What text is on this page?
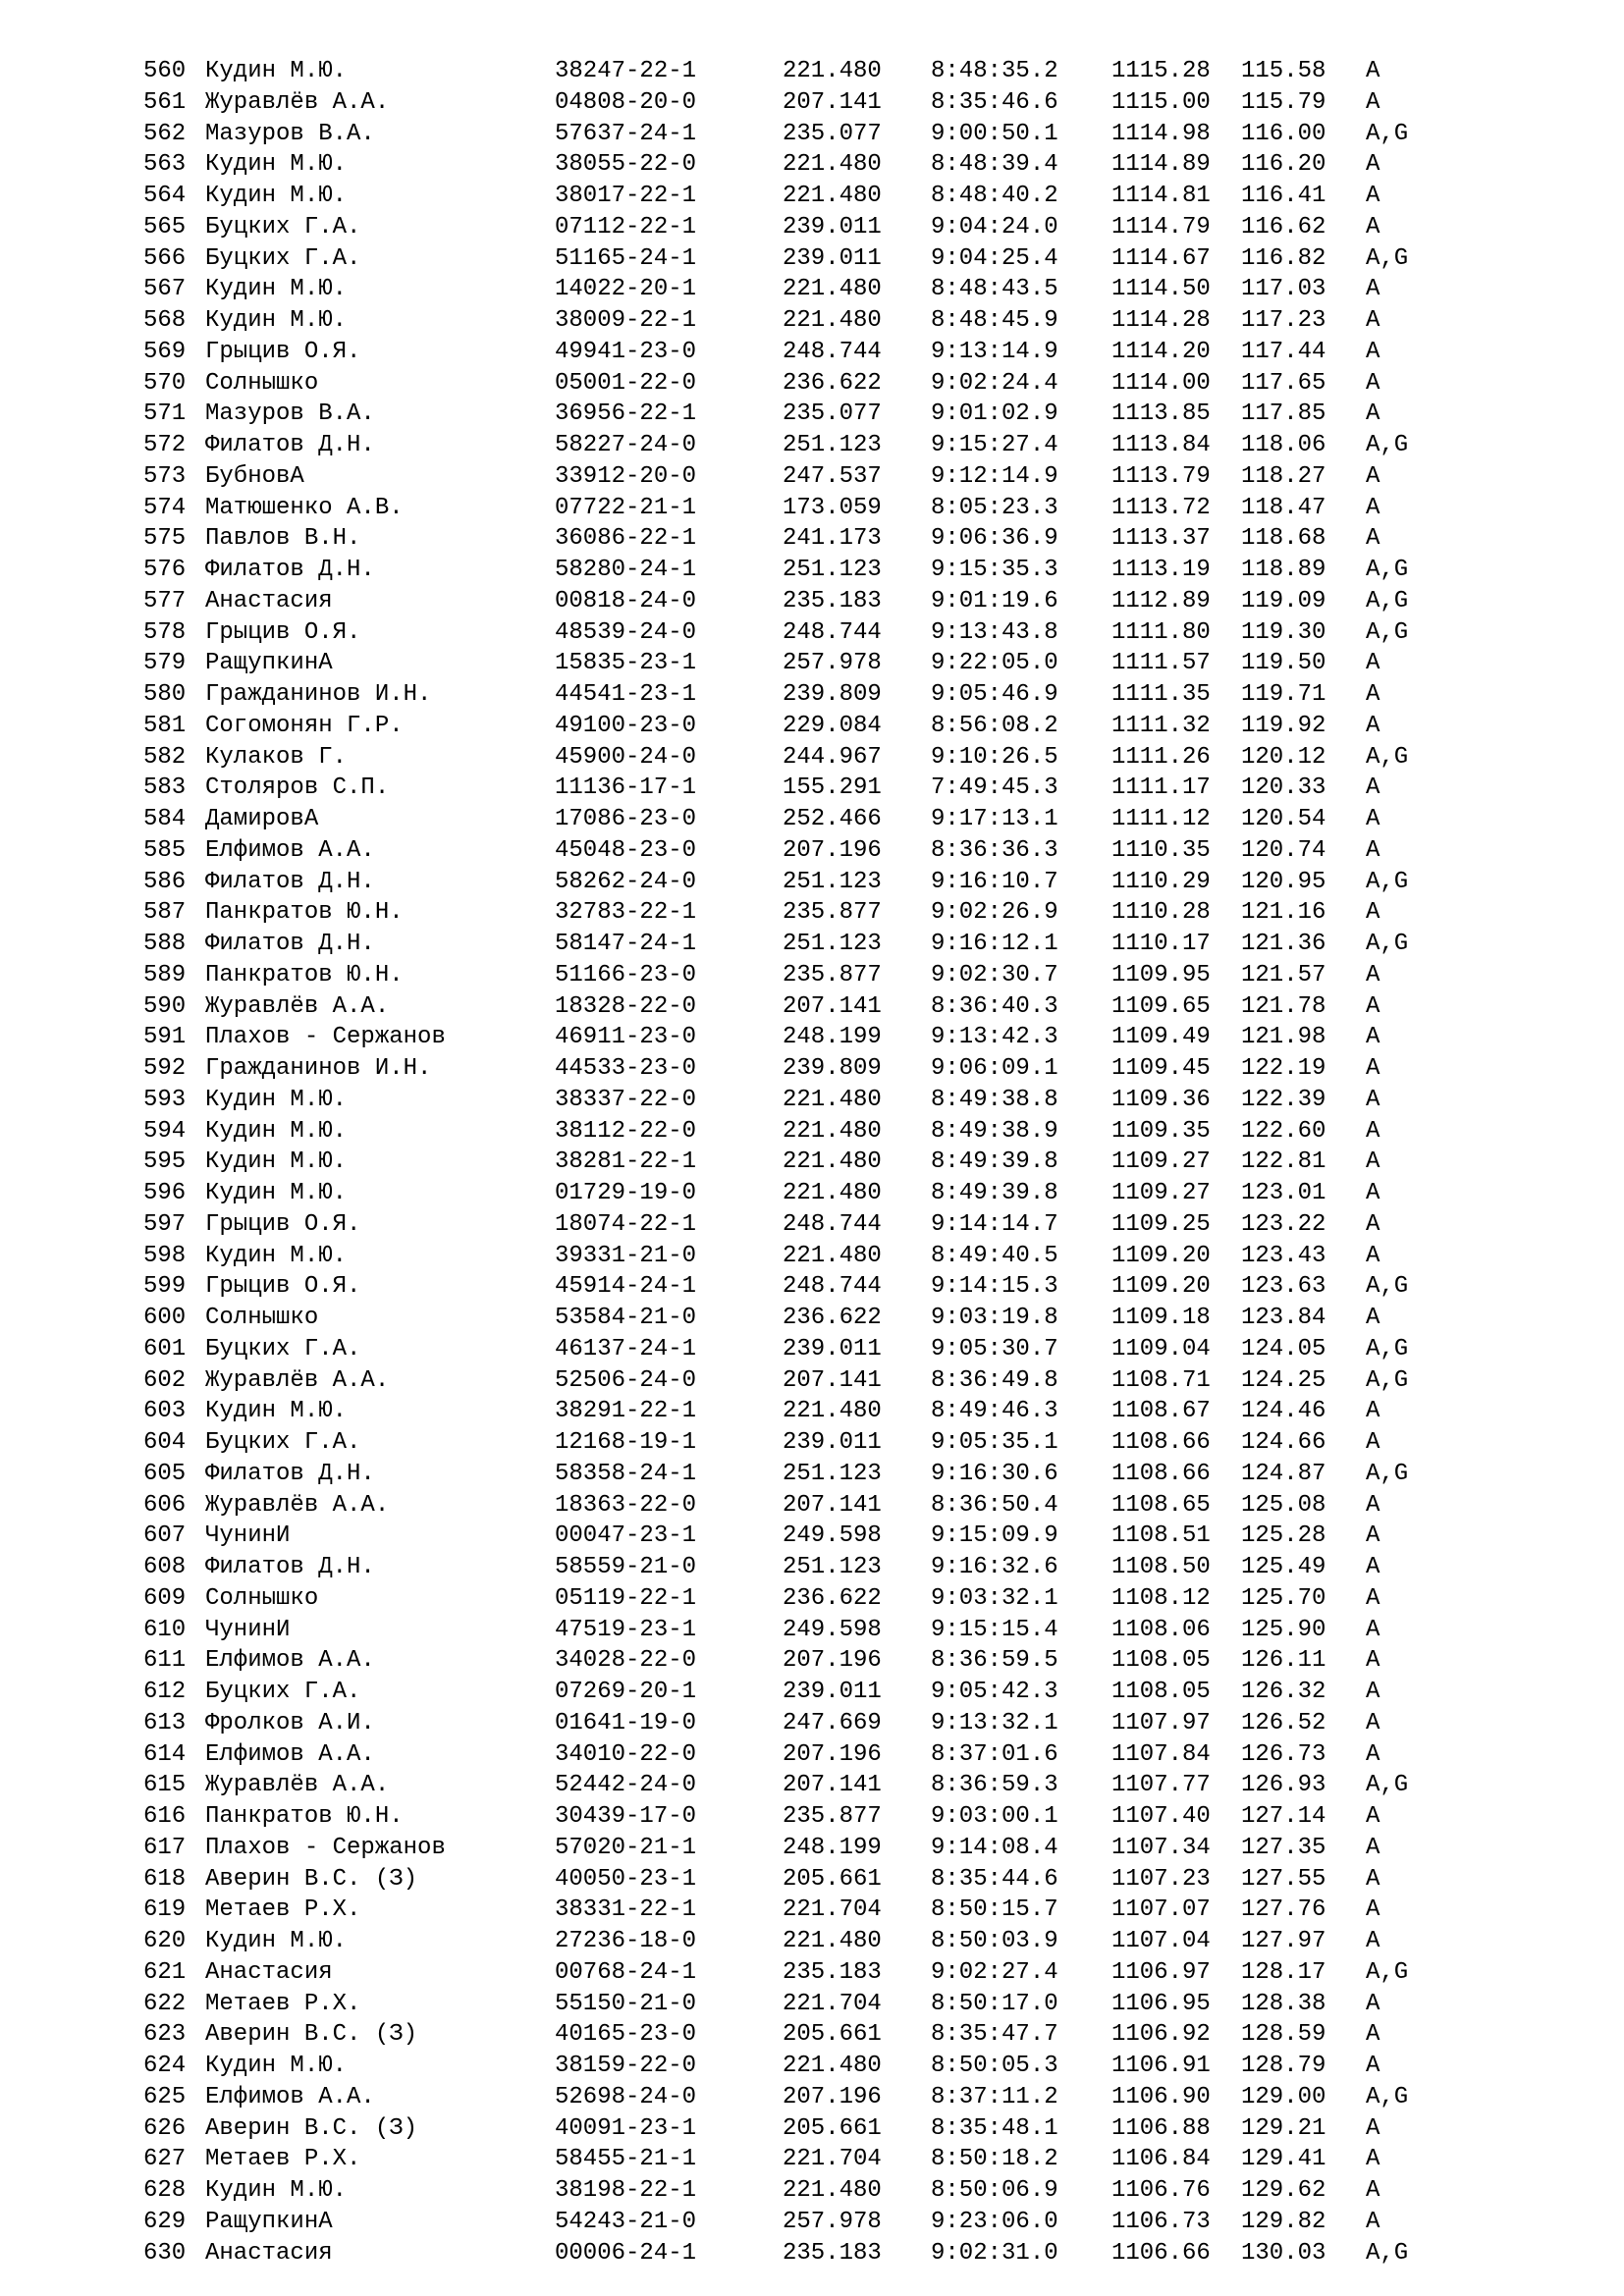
560 Кудин М.Ю.	38247-22-1	221.480 8:48:35.2 1115.28 115.58 A
561 Журавлёв А.А.	04808-20-0	207.141 8:35:46.6 1115.00 115.79 A
562 Мазуров В.А.	57637-24-1	235.077 9:00:50.1 1114.98 116.00 A,G
563 Кудин М.Ю.	38055-22-0	221.480 8:48:39.4 1114.89 116.20 A
564 Кудин М.Ю.	38017-22-1	221.480 8:48:40.2 1114.81 116.41 A
565 Буцких Г.А.	07112-22-1	239.011 9:04:24.0 1114.79 116.62 A
566 Буцких Г.А.	51165-24-1	239.011 9:04:25.4 1114.67 116.82 A,G
567 Кудин М.Ю.	14022-20-1	221.480 8:48:43.5 1114.50 117.03 A
568 Кудин М.Ю.	38009-22-1	221.480 8:48:45.9 1114.28 117.23 A
569 Грыцив О.Я.	49941-23-0	248.744 9:13:14.9 1114.20 117.44 A
570 Солнышко	05001-22-0	236.622 9:02:24.4 1114.00 117.65 A
571 Мазуров В.А.	36956-22-1	235.077 9:01:02.9 1113.85 117.85 A
572 Филатов Д.Н.	58227-24-0	251.123 9:15:27.4 1113.84 118.06 A,G
573 БубновА	33912-20-0	247.537 9:12:14.9 1113.79 118.27 A
574 Матюшенко А.В.	07722-21-1	173.059 8:05:23.3 1113.72 118.47 A
575 Павлов В.Н.	36086-22-1	241.173 9:06:36.9 1113.37 118.68 A
576 Филатов Д.Н.	58280-24-1	251.123 9:15:35.3 1113.19 118.89 A,G
577 Анастасия	00818-24-0	235.183 9:01:19.6 1112.89 119.09 A,G
578 Грыцив О.Я.	48539-24-0	248.744 9:13:43.8 1111.80 119.30 A,G
579 РащупкинА	15835-23-1	257.978 9:22:05.0 1111.57 119.50 A
580 Гражданинов И.Н.	44541-23-1	239.809 9:05:46.9 1111.35 119.71 A
581 Согомонян Г.Р.	49100-23-0	229.084 8:56:08.2 1111.32 119.92 A
582 Кулаков Г.	45900-24-0	244.967 9:10:26.5 1111.26 120.12 A,G
583 Столяров С.П.	11136-17-1	155.291 7:49:45.3 1111.17 120.33 A
584 ДамировА	17086-23-0	252.466 9:17:13.1 1111.12 120.54 A
585 Елфимов А.А.	45048-23-0	207.196 8:36:36.3 1110.35 120.74 A
586 Филатов Д.Н.	58262-24-0	251.123 9:16:10.7 1110.29 120.95 A,G
587 Панкратов Ю.Н.	32783-22-1	235.877 9:02:26.9 1110.28 121.16 A
588 Филатов Д.Н.	58147-24-1	251.123 9:16:12.1 1110.17 121.36 A,G
589 Панкратов Ю.Н.	51166-23-0	235.877 9:02:30.7 1109.95 121.57 A
590 Журавлёв А.А.	18328-22-0	207.141 8:36:40.3 1109.65 121.78 A
591 Плахов - Сержанов	46911-23-0	248.199 9:13:42.3 1109.49 121.98 A
592 Гражданинов И.Н.	44533-23-0	239.809 9:06:09.1 1109.45 122.19 A
593 Кудин М.Ю.	38337-22-0	221.480 8:49:38.8 1109.36 122.39 A
594 Кудин М.Ю.	38112-22-0	221.480 8:49:38.9 1109.35 122.60 A
595 Кудин М.Ю.	38281-22-1	221.480 8:49:39.8 1109.27 122.81 A
596 Кудин М.Ю.	01729-19-0	221.480 8:49:39.8 1109.27 123.01 A
597 Грыцив О.Я.	18074-22-1	248.744 9:14:14.7 1109.25 123.22 A
598 Кудин М.Ю.	39331-21-0	221.480 8:49:40.5 1109.20 123.43 A
599 Грыцив О.Я.	45914-24-1	248.744 9:14:15.3 1109.20 123.63 A,G
600 Солнышко	53584-21-0	236.622 9:03:19.8 1109.18 123.84 A
601 Буцких Г.А.	46137-24-1	239.011 9:05:30.7 1109.04 124.05 A,G
602 Журавлёв А.А.	52506-24-0	207.141 8:36:49.8 1108.71 124.25 A,G
603 Кудин М.Ю.	38291-22-1	221.480 8:49:46.3 1108.67 124.46 A
604 Буцких Г.А.	12168-19-1	239.011 9:05:35.1 1108.66 124.66 A
605 Филатов Д.Н.	58358-24-1	251.123 9:16:30.6 1108.66 124.87 A,G
606 Журавлёв А.А.	18363-22-0	207.141 8:36:50.4 1108.65 125.08 A
607 ЧунинИ	00047-23-1	249.598 9:15:09.9 1108.51 125.28 A
608 Филатов Д.Н.	58559-21-0	251.123 9:16:32.6 1108.50 125.49 A
609 Солнышко	05119-22-1	236.622 9:03:32.1 1108.12 125.70 A
610 ЧунинИ	47519-23-1	249.598 9:15:15.4 1108.06 125.90 A
611 Елфимов А.А.	34028-22-0	207.196 8:36:59.5 1108.05 126.11 A
612 Буцких Г.А.	07269-20-1	239.011 9:05:42.3 1108.05 126.32 A
613 Фролков А.И.	01641-19-0	247.669 9:13:32.1 1107.97 126.52 A
614 Елфимов А.А.	34010-22-0	207.196 8:37:01.6 1107.84 126.73 A
615 Журавлёв А.А.	52442-24-0	207.141 8:36:59.3 1107.77 126.93 A,G
616 Панкратов Ю.Н.	30439-17-0	235.877 9:03:00.1 1107.40 127.14 A
617 Плахов - Сержанов	57020-21-1	248.199 9:14:08.4 1107.34 127.35 A
618 Аверин В.С. (З)	40050-23-1	205.661 8:35:44.6 1107.23 127.55 A
619 Метаев Р.Х.	38331-22-1	221.704 8:50:15.7 1107.07 127.76 A
620 Кудин М.Ю.	27236-18-0	221.480 8:50:03.9 1107.04 127.97 A
621 Анастасия	00768-24-1	235.183 9:02:27.4 1106.97 128.17 A,G
622 Метаев Р.Х.	55150-21-0	221.704 8:50:17.0 1106.95 128.38 A
623 Аверин В.С. (З)	40165-23-0	205.661 8:35:47.7 1106.92 128.59 A
624 Кудин М.Ю.	38159-22-0	221.480 8:50:05.3 1106.91 128.79 A
625 Елфимов А.А.	52698-24-0	207.196 8:37:11.2 1106.90 129.00 A,G
626 Аверин В.С. (З)	40091-23-1	205.661 8:35:48.1 1106.88 129.21 A
627 Метаев Р.Х.	58455-21-1	221.704 8:50:18.2 1106.84 129.41 A
628 Кудин М.Ю.	38198-22-1	221.480 8:50:06.9 1106.76 129.62 A
629 РащупкинА	54243-21-0	257.978 9:23:06.0 1106.73 129.82 A
630 Анастасия	00006-24-1	235.183 9:02:31.0 1106.66 130.03 A,G
